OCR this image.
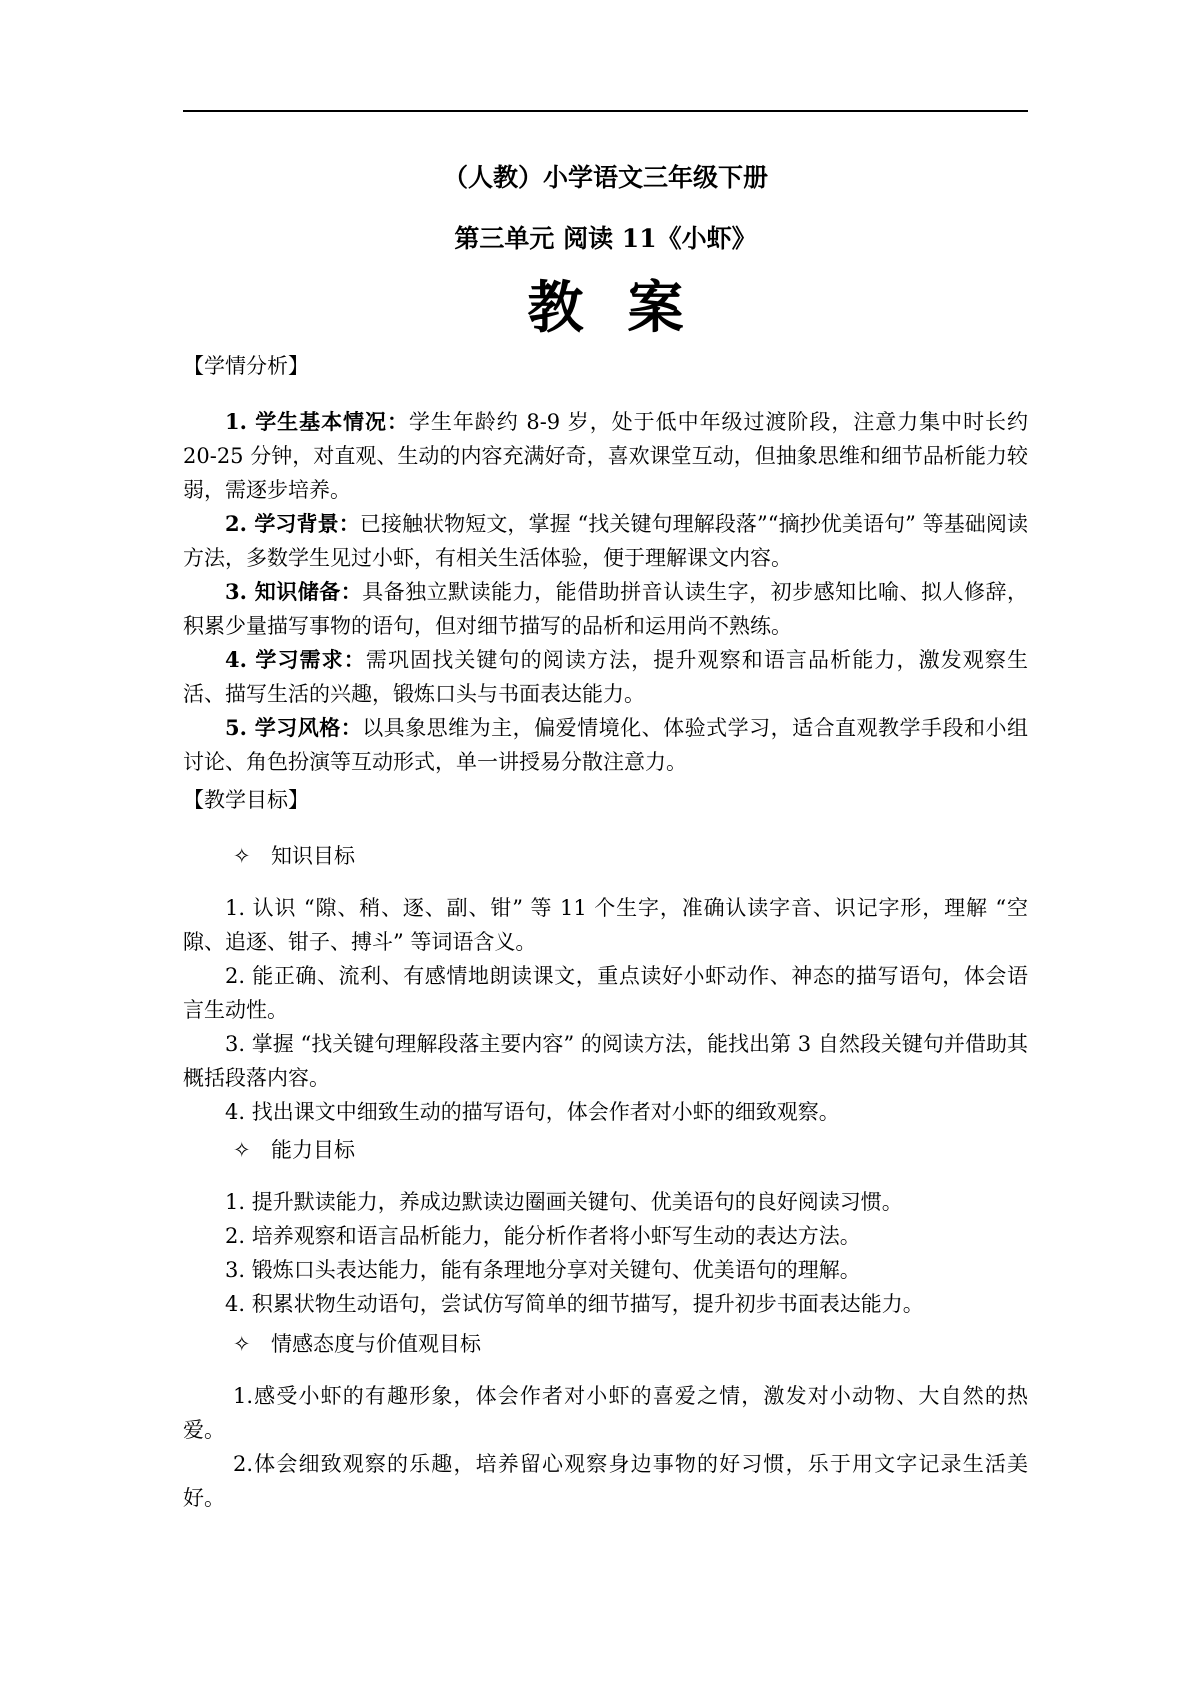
（人教）小学语文三年级下册
第三单元 阅读 11《小虾》
教案
【学情分析】

1. 学生基本情况：学生年龄约 8-9 岁，处于低中年级过渡阶段，注意力集中时长约 20-25 分钟，对直观、生动的内容充满好奇，喜欢课堂互动，但抽象思维和细节品析能力较弱，需逐步培养。

2. 学习背景：已接触状物短文，掌握 “找关键句理解段落”“摘抄优美语句” 等基础阅读方法，多数学生见过小虾，有相关生活体验，便于理解课文内容。

3. 知识储备：具备独立默读能力，能借助拼音认读生字，初步感知比喻、拟人修辞，积累少量描写事物的语句，但对细节描写的品析和运用尚不熟练。

4. 学习需求：需巩固找关键句的阅读方法，提升观察和语言品析能力，激发观察生活、描写生活的兴趣，锻炼口头与书面表达能力。

5. 学习风格：以具象思维为主，偏爱情境化、体验式学习，适合直观教学手段和小组讨论、角色扮演等互动形式，单一讲授易分散注意力。

【教学目标】
✧ 知识目标

1. 认识 “隙、稍、逐、副、钳” 等 11 个生字，准确认读字音、识记字形，理解 “空隙、追逐、钳子、搏斗” 等词语含义。

2. 能正确、流利、有感情地朗读课文，重点读好小虾动作、神态的描写语句，体会语言生动性。

3. 掌握 “找关键句理解段落主要内容” 的阅读方法，能找出第 3 自然段关键句并借助其概括段落内容。

4. 找出课文中细致生动的描写语句，体会作者对小虾的细致观察。

✧ 能力目标

1. 提升默读能力，养成边默读边圈画关键句、优美语句的良好阅读习惯。

2. 培养观察和语言品析能力，能分析作者将小虾写生动的表达方法。

3. 锻炼口头表达能力，能有条理地分享对关键句、优美语句的理解。

4. 积累状物生动语句，尝试仿写简单的细节描写，提升初步书面表达能力。

✧ 情感态度与价值观目标

1.感受小虾的有趣形象，体会作者对小虾的喜爱之情，激发对小动物、大自然的热爱。

2.体会细致观察的乐趣，培养留心观察身边事物的好习惯，乐于用文字记录生活美好。
